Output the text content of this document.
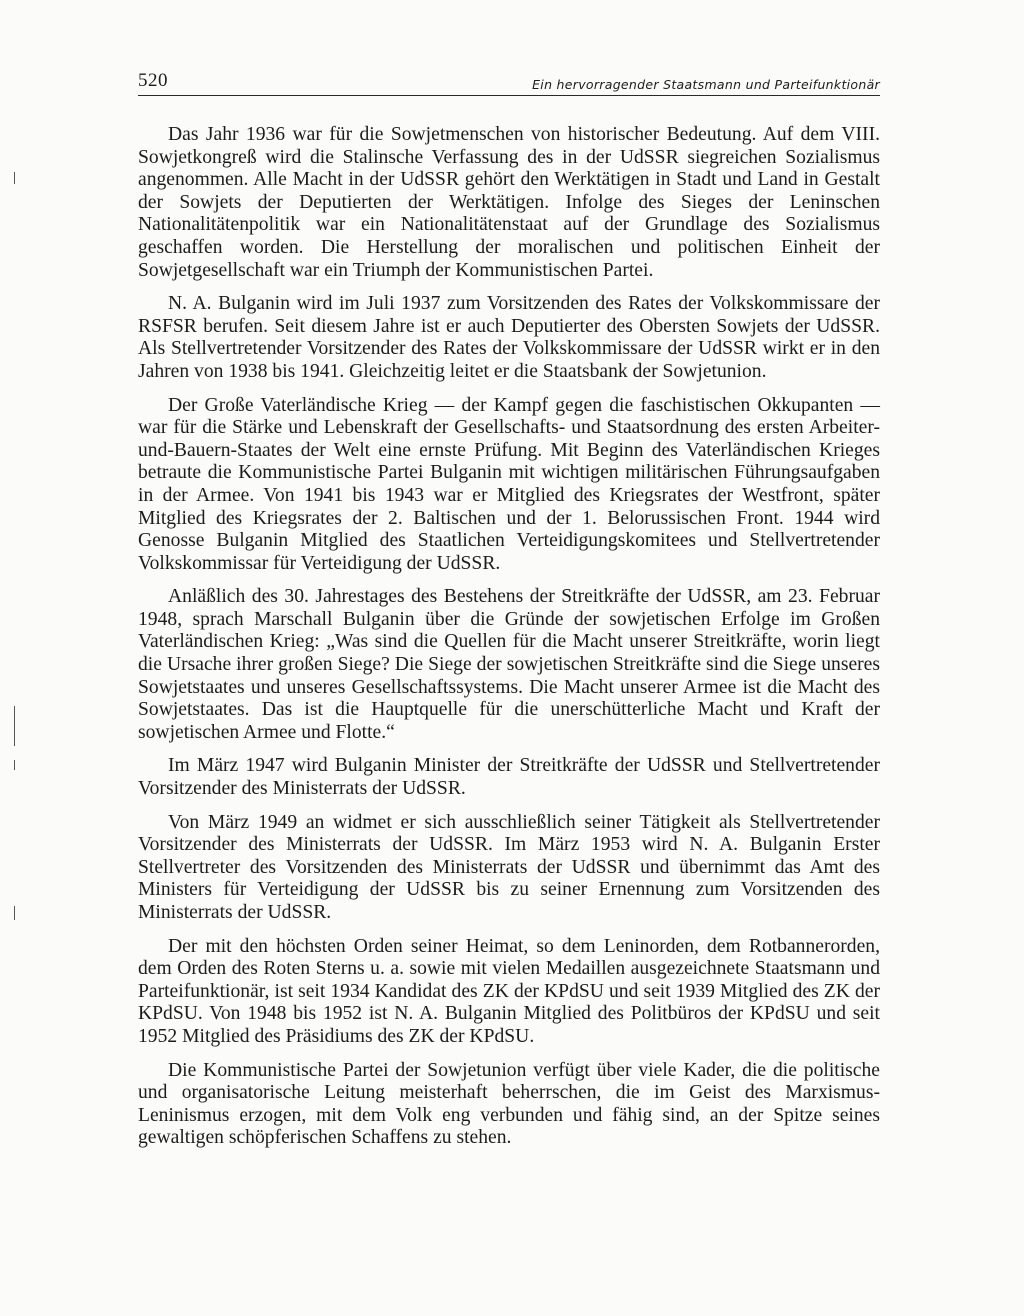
520	Ein hervorragender Staatsmann und Parteifunktionär

Das Jahr 1936 war für die Sowjetmenschen von historischer Bedeutung. Auf dem VIII. Sowjetkongreß wird die Stalinsche Verfassung des in der UdSSR siegreichen Sozialismus angenommen. Alle Macht in der UdSSR gehört den Werktätigen in Stadt und Land in Gestalt der Sowjets der Deputierten der Werktätigen. Infolge des Sieges der Leninschen Nationalitätenpolitik war ein Nationalitätenstaat auf der Grundlage des Sozialismus geschaffen worden. Die Herstellung der moralischen und politischen Einheit der Sowjetgesellschaft war ein Triumph der Kommunistischen Partei.

N. A. Bulganin wird im Juli 1937 zum Vorsitzenden des Rates der Volkskommissare der RSFSR berufen. Seit diesem Jahre ist er auch Deputierter des Obersten Sowjets der UdSSR. Als Stellvertretender Vorsitzender des Rates der Volkskommissare der UdSSR wirkt er in den Jahren von 1938 bis 1941. Gleichzeitig leitet er die Staatsbank der Sowjetunion.

Der Große Vaterländische Krieg — der Kampf gegen die faschistischen Okkupanten — war für die Stärke und Lebenskraft der Gesellschafts- und Staatsordnung des ersten Arbeiter-und-Bauern-Staates der Welt eine ernste Prüfung. Mit Beginn des Vaterländischen Krieges betraute die Kommunistische Partei Bulganin mit wichtigen militärischen Führungsaufgaben in der Armee. Von 1941 bis 1943 war er Mitglied des Kriegsrates der Westfront, später Mitglied des Kriegsrates der 2. Baltischen und der 1. Belorussischen Front. 1944 wird Genosse Bulganin Mitglied des Staatlichen Verteidigungskomitees und Stellvertretender Volkskommissar für Verteidigung der UdSSR.

Anläßlich des 30. Jahrestages des Bestehens der Streitkräfte der UdSSR, am 23. Februar 1948, sprach Marschall Bulganin über die Gründe der sowjetischen Erfolge im Großen Vaterländischen Krieg: „Was sind die Quellen für die Macht unserer Streitkräfte, worin liegt die Ursache ihrer großen Siege? Die Siege der sowjetischen Streitkräfte sind die Siege unseres Sowjetstaates und unseres Gesellschaftssystems. Die Macht unserer Armee ist die Macht des Sowjetstaates. Das ist die Hauptquelle für die unerschütterliche Macht und Kraft der sowjetischen Armee und Flotte.“

Im März 1947 wird Bulganin Minister der Streitkräfte der UdSSR und Stellvertretender Vorsitzender des Ministerrats der UdSSR.

Von März 1949 an widmet er sich ausschließlich seiner Tätigkeit als Stellvertretender Vorsitzender des Ministerrats der UdSSR. Im März 1953 wird N. A. Bulganin Erster Stellvertreter des Vorsitzenden des Ministerrats der UdSSR und übernimmt das Amt des Ministers für Verteidigung der UdSSR bis zu seiner Ernennung zum Vorsitzenden des Ministerrats der UdSSR.

Der mit den höchsten Orden seiner Heimat, so dem Leninorden, dem Rotbannerorden, dem Orden des Roten Sterns u. a. sowie mit vielen Medaillen ausgezeichnete Staatsmann und Parteifunktionär, ist seit 1934 Kandidat des ZK der KPdSU und seit 1939 Mitglied des ZK der KPdSU. Von 1948 bis 1952 ist N. A. Bulganin Mitglied des Politbüros der KPdSU und seit 1952 Mitglied des Präsidiums des ZK der KPdSU.

Die Kommunistische Partei der Sowjetunion verfügt über viele Kader, die die politische und organisatorische Leitung meisterhaft beherrschen, die im Geist des Marxismus-Leninismus erzogen, mit dem Volk eng verbunden und fähig sind, an der Spitze seines gewaltigen schöpferischen Schaffens zu stehen.
